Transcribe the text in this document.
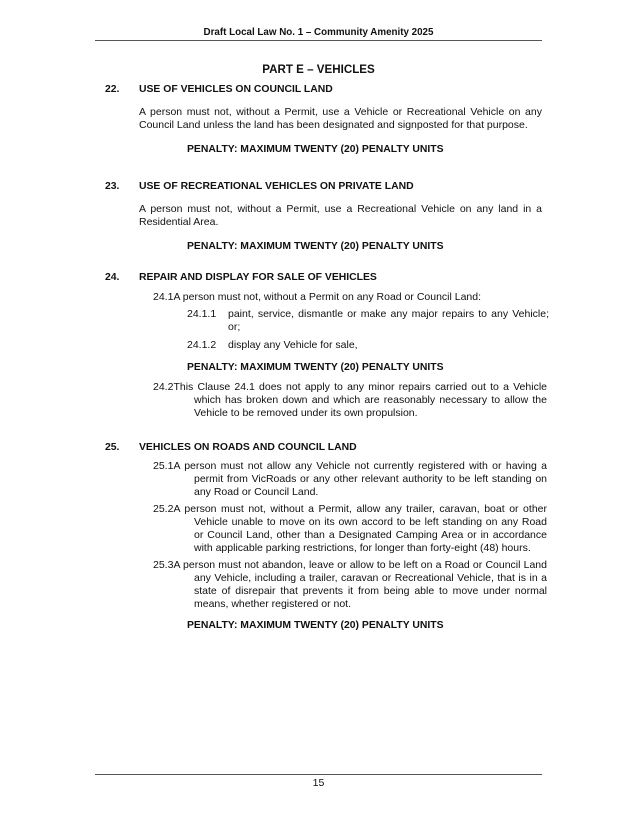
Draft Local Law No. 1 – Community Amenity 2025
PART E – VEHICLES
22. USE OF VEHICLES ON COUNCIL LAND
A person must not, without a Permit, use a Vehicle or Recreational Vehicle on any Council Land unless the land has been designated and signposted for that purpose.
PENALTY: MAXIMUM TWENTY (20) PENALTY UNITS
23. USE OF RECREATIONAL VEHICLES ON PRIVATE LAND
A person must not, without a Permit, use a Recreational Vehicle on any land in a Residential Area.
PENALTY: MAXIMUM TWENTY (20) PENALTY UNITS
24. REPAIR AND DISPLAY FOR SALE OF VEHICLES
24.1A person must not, without a Permit on any Road or Council Land:
24.1.1 paint, service, dismantle or make any major repairs to any Vehicle; or;
24.1.2 display any Vehicle for sale,
PENALTY: MAXIMUM TWENTY (20) PENALTY UNITS
24.2This Clause 24.1 does not apply to any minor repairs carried out to a Vehicle which has broken down and which are reasonably necessary to allow the Vehicle to be removed under its own propulsion.
25. VEHICLES ON ROADS AND COUNCIL LAND
25.1A person must not allow any Vehicle not currently registered with or having a permit from VicRoads or any other relevant authority to be left standing on any Road or Council Land.
25.2A person must not, without a Permit, allow any trailer, caravan, boat or other Vehicle unable to move on its own accord to be left standing on any Road or Council Land, other than a Designated Camping Area or in accordance with applicable parking restrictions, for longer than forty-eight (48) hours.
25.3A person must not abandon, leave or allow to be left on a Road or Council Land any Vehicle, including a trailer, caravan or Recreational Vehicle, that is in a state of disrepair that prevents it from being able to move under normal means, whether registered or not.
PENALTY: MAXIMUM TWENTY (20) PENALTY UNITS
15
